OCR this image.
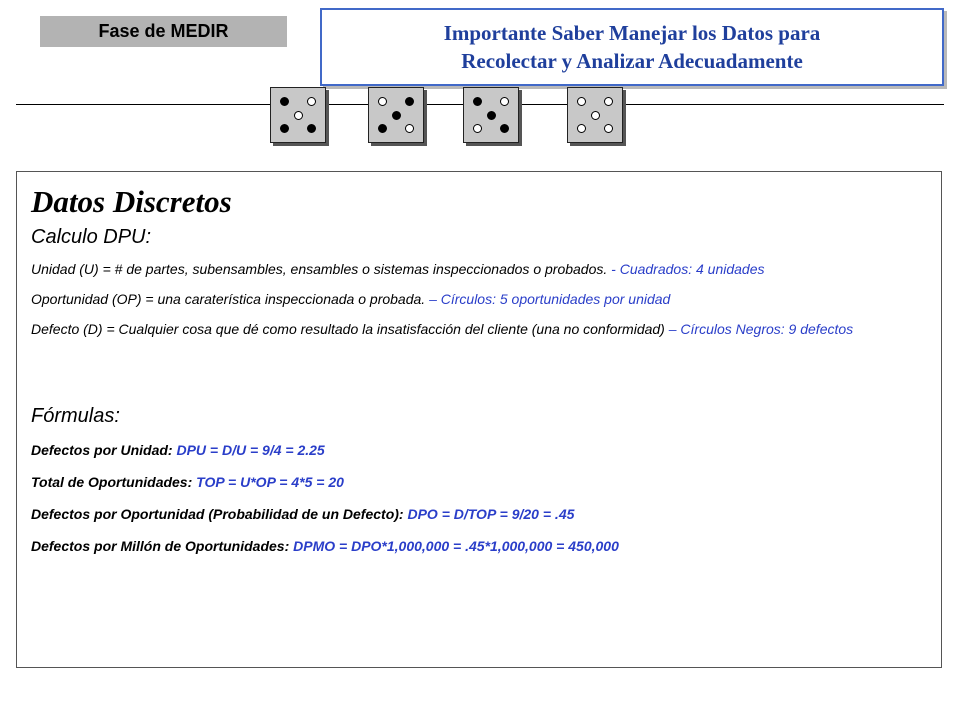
Fase de MEDIR	Importante Saber Manejar los Datos para
Recolectar y Analizar Adecuadamente
Datos Discretos
Calculo DPU:
Unidad (U) = # de partes, subensambles, ensambles o sistemas inspeccionados o probados. - Cuadrados: 4 unidades
Oportunidad (OP) = una caraterística inspeccionada o probada. – Círculos: 5 oportunidades por unidad
Defecto (D) = Cualquier cosa que dé como resultado la insatisfacción del cliente (una no conformidad) – Círculos Negros: 9 defectos
Fórmulas:
Defectos por Unidad: DPU = D/U = 9/4 = 2.25
Total de Oportunidades: TOP = U*OP = 4*5 = 20
Defectos por Oportunidad (Probabilidad de un Defecto): DPO = D/TOP = 9/20 = .45
Defectos por Millón de Oportunidades: DPMO = DPO*1,000,000 = .45*1,000,000 = 450,000
